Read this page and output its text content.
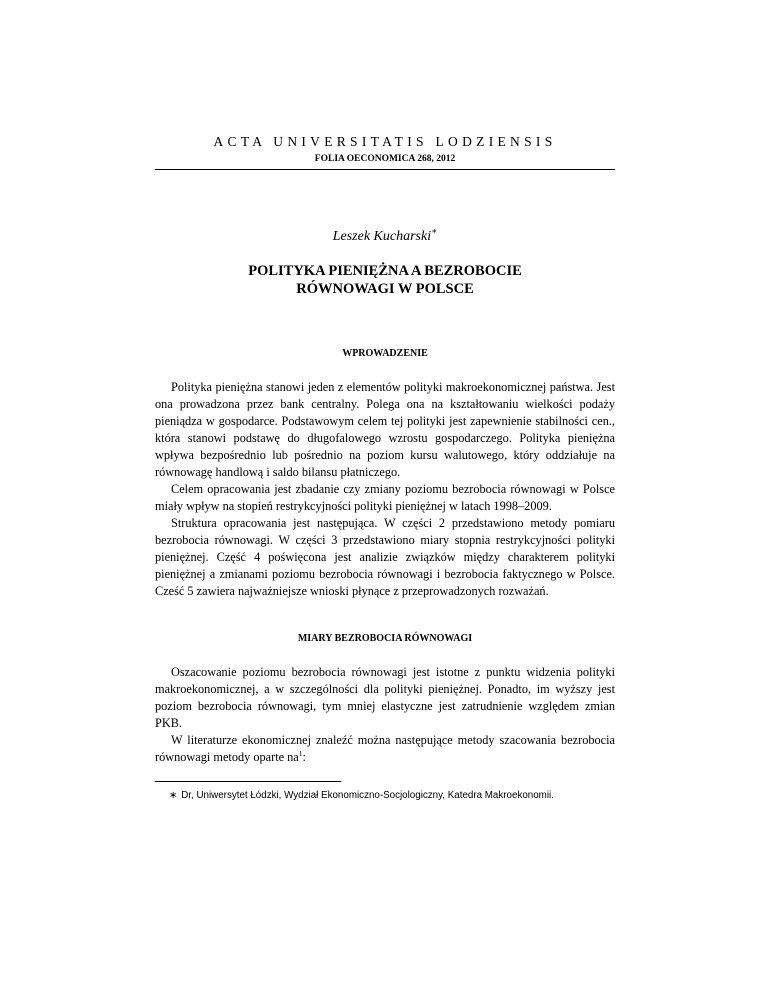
ACTA UNIVERSITATIS LODZIENSIS
FOLIA OECONOMICA 268, 2012
Leszek Kucharski∗
POLITYKA PIENIĘŻNA A BEZROBOCIE
RÓWNOWAGI W POLSCE
WPROWADZENIE

Polityka pieniężna stanowi jeden z elementów polityki makroekonomicznej państwa. Jest ona prowadzona przez bank centralny. Polega ona na kształtowaniu wielkości podaży pieniądza w gospodarce. Podstawowym celem tej polityki jest zapewnienie stabilności cen., która stanowi podstawę do długofalowego wzrostu gospodarczego. Polityka pieniężna wpływa bezpośrednio lub pośrednio na poziom kursu walutowego, który oddziałuje na równowagę handlową i saldo bilansu płatniczego.

Celem opracowania jest zbadanie czy zmiany poziomu bezrobocia równowagi w Polsce miały wpływ na stopień restrykcyjności polityki pieniężnej w latach 1998–2009.

Struktura opracowania jest następująca. W części 2 przedstawiono metody pomiaru bezrobocia równowagi. W części 3 przedstawiono miary stopnia restrykcyjności polityki pieniężnej. Część 4 poświęcona jest analizie związków między charakterem polityki pieniężnej a zmianami poziomu bezrobocia równowagi i bezrobocia faktycznego w Polsce. Cześć 5 zawiera najważniejsze wnioski płynące z przeprowadzonych rozważań.

MIARY BEZROBOCIA RÓWNOWAGI

Oszacowanie poziomu bezrobocia równowagi jest istotne z punktu widzenia polityki makroekonomicznej, a w szczególności dla polityki pieniężnej. Ponadto, im wyższy jest poziom bezrobocia równowagi, tym mniej elastyczne jest zatrudnienie względem zmian PKB.

W literaturze ekonomicznej znaleźć można następujące metody szacowania bezrobocia równowagi metody oparte $na^1$:

∗ Dr, Uniwersytet Łódzki, Wydział Ekonomiczno-Socjologiczny, Katedra Makroekonomii.
